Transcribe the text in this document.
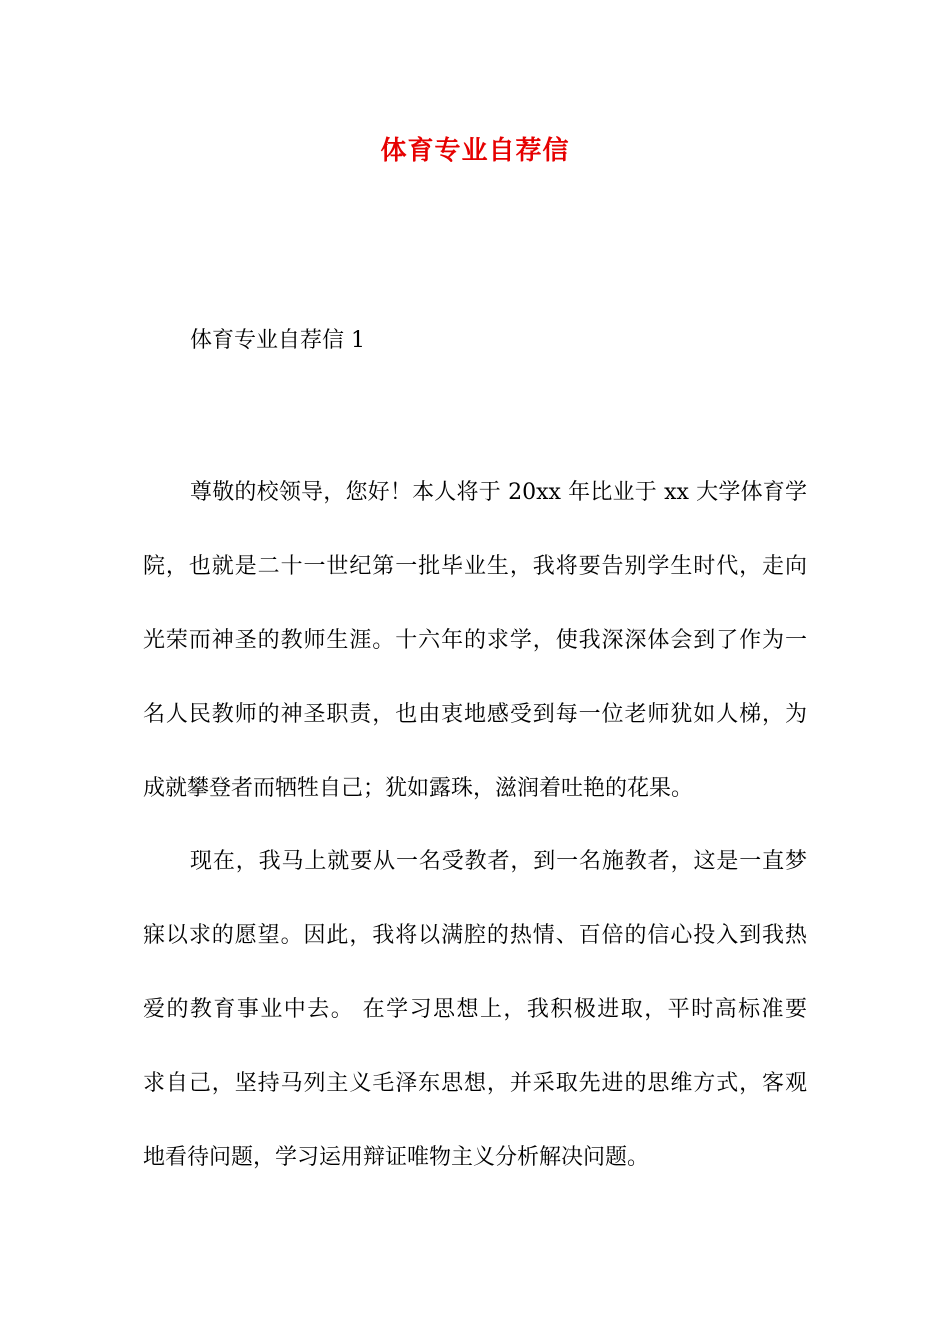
体育专业自荐信
体育专业自荐信 1
尊敬的校领导，您好！本人将于 20xx 年比业于 xx 大学体育学
院，也就是二十一世纪第一批毕业生，我将要告别学生时代，走向
光荣而神圣的教师生涯。十六年的求学，使我深深体会到了作为一
名人民教师的神圣职责，也由衷地感受到每一位老师犹如人梯，为
成就攀登者而牺牲自己；犹如露珠，滋润着吐艳的花果。
现在，我马上就要从一名受教者，到一名施教者，这是一直梦
寐以求的愿望。因此，我将以满腔的热情、百倍的信心投入到我热
爱的教育事业中去。 在学习思想上，我积极进取，平时高标准要
求自己，坚持马列主义毛泽东思想，并采取先进的思维方式，客观
地看待问题，学习运用辩证唯物主义分析解决问题。
